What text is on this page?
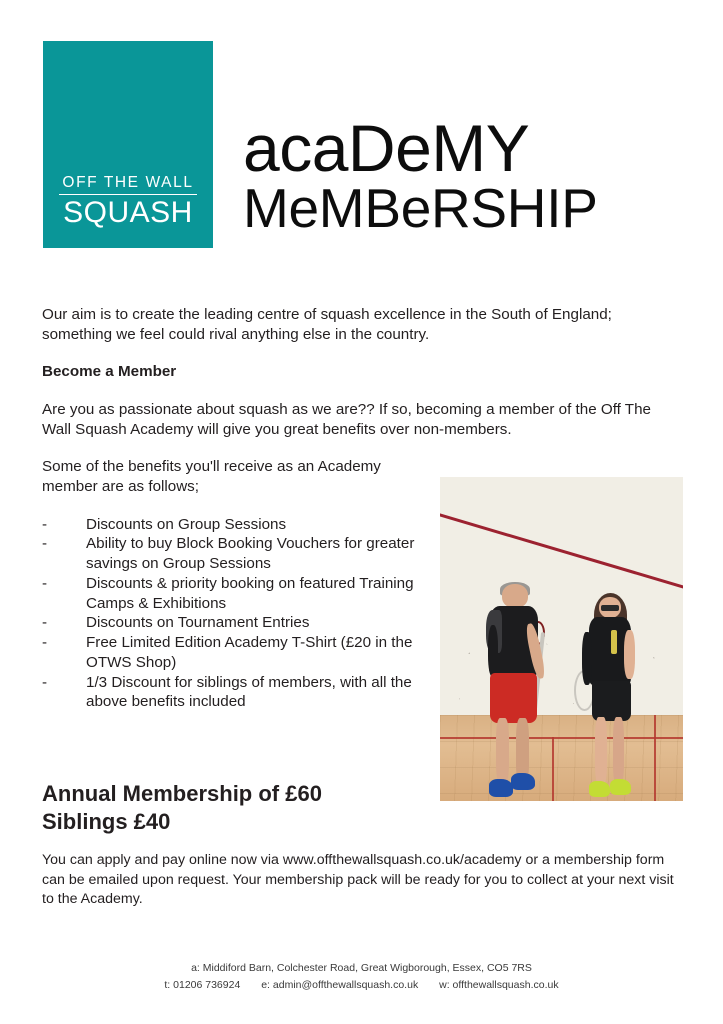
OFF THE WALL
SQUASH
acaDeMY
MeMBeRSHIP
Our aim is to create the leading centre of squash excellence in the South of England; something we feel could rival anything else in the country.
Become a Member
Are you as passionate about squash as we are?? If so, becoming a member of the Off The Wall Squash Academy will give you great benefits over non-members.
Some of the benefits you'll receive as an Academy member are as follows;
-	Discounts on Group Sessions
-	Ability to buy Block Booking Vouchers for greater savings on Group Sessions
-	Discounts & priority booking on featured Training Camps & Exhibitions
-	Discounts on Tournament Entries
-	Free Limited Edition Academy T-Shirt (£20 in the OTWS Shop)
-	1/3 Discount for siblings of members, with all the above benefits included
Annual Membership of £60
Siblings £40
You can apply and pay online now via www.offthewallsquash.co.uk/academy or a membership form can be emailed upon request. Your membership pack will be ready for you to collect at your next visit to the Academy.
a: Middiford Barn, Colchester Road, Great Wigborough, Essex, CO5 7RS
t: 01206 736924 e: admin@offthewallsquash.co.uk w: offthewallsquash.co.uk
